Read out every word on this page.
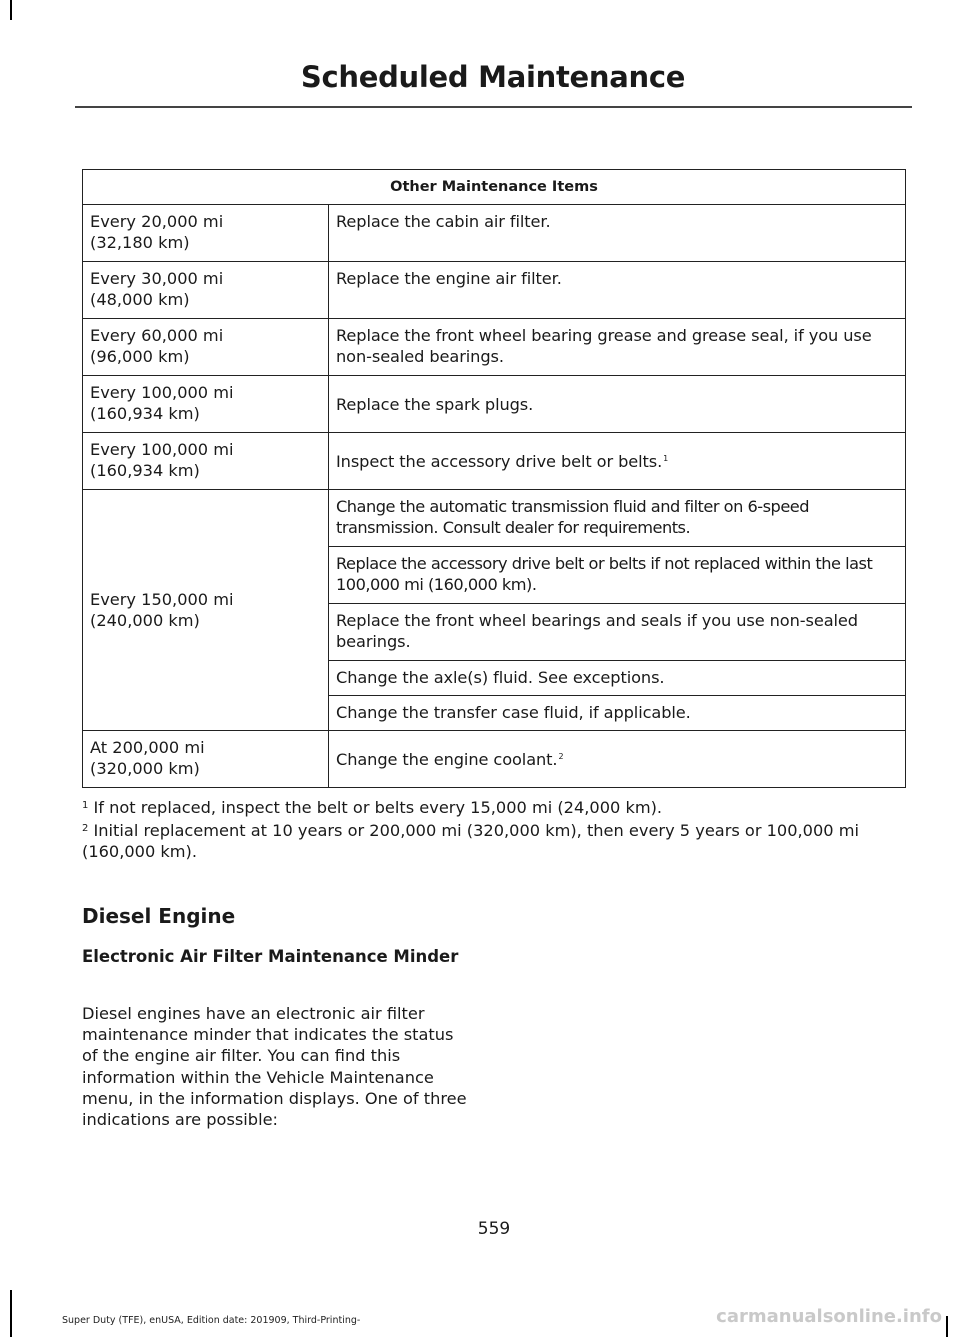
Scheduled Maintenance
Other Maintenance Items	
Every 20,000 mi
(32,180 km)	Replace the cabin air filter.
Every 30,000 mi
(48,000 km)	Replace the engine air filter.
Every 60,000 mi
(96,000 km)	Replace the front wheel bearing grease and grease seal, if you use non-sealed bearings.
Every 100,000 mi
(160,934 km)	Replace the spark plugs.
Every 100,000 mi
(160,934 km)	Inspect the accessory drive belt or belts.$^1$
Every 150,000 mi
(240,000 km)	Change the automatic transmission fluid and filter on 6-speed transmission. Consult dealer for requirements.
	Replace the accessory drive belt or belts if not replaced within the last 100,000 mi (160,000 km).
	Replace the front wheel bearings and seals if you use non-sealed bearings.
	Change the axle(s) fluid. See exceptions.
	Change the transfer case fluid, if applicable.
At 200,000 mi
(320,000 km)	Change the engine coolant.$^2$

$^1$ If not replaced, inspect the belt or belts every 15,000 mi (24,000 km).

$^2$ Initial replacement at 10 years or 200,000 mi (320,000 km), then every 5 years or 100,000 mi (160,000 km).

Diesel Engine
Electronic Air Filter Maintenance Minder
Diesel engines have an electronic air filter maintenance minder that indicates the status of the engine air filter. You can find this information within the Vehicle Maintenance menu, in the information displays. One of three indications are possible:
559
Super Duty (TFE), enUSA, Edition date: 201909, Third-Printing-	carmanualsonline.info
